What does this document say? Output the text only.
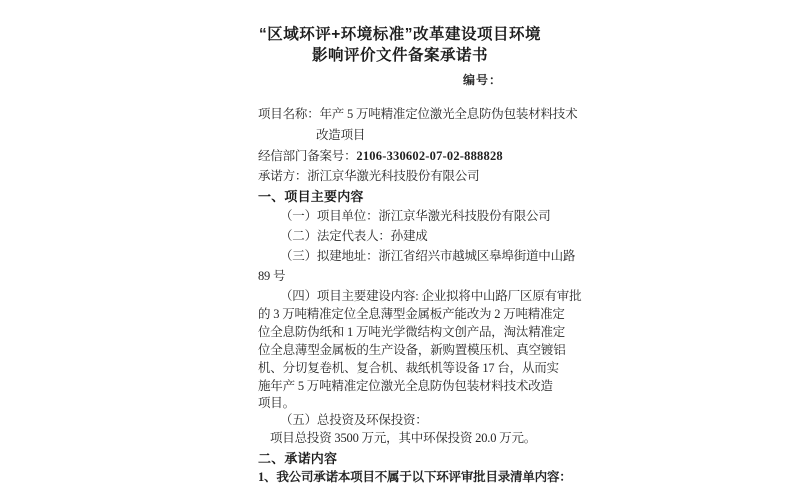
“区域环评+环境标准”改革建设项目环境
影响评价文件备案承诺书
编号：
项目名称：年产 5 万吨精准定位激光全息防伪包装材料技术
改造项目
经信部门备案号：2106-330602-07-02-888828
承诺方：浙江京华激光科技股份有限公司
一、项目主要内容
（一）项目单位：浙江京华激光科技股份有限公司
（二）法定代表人：孙建成
（三）拟建地址：浙江省绍兴市越城区皋埠街道中山路
89 号
（四）项目主要建设内容: 企业拟将中山路厂区原有审批
的 3 万吨精准定位全息薄型金属板产能改为 2 万吨精准定
位全息防伪纸和 1 万吨光学微结构文创产品，淘汰精准定
位全息薄型金属板的生产设备，新购置模压机、真空镀铝
机、分切复卷机、复合机、裁纸机等设备 17 台，从而实
施年产 5 万吨精准定位激光全息防伪包装材料技术改造
项目。
（五）总投资及环保投资：
项目总投资 3500 万元，其中环保投资 20.0 万元。
二、承诺内容
1、我公司承诺本项目不属于以下环评审批目录清单内容：
